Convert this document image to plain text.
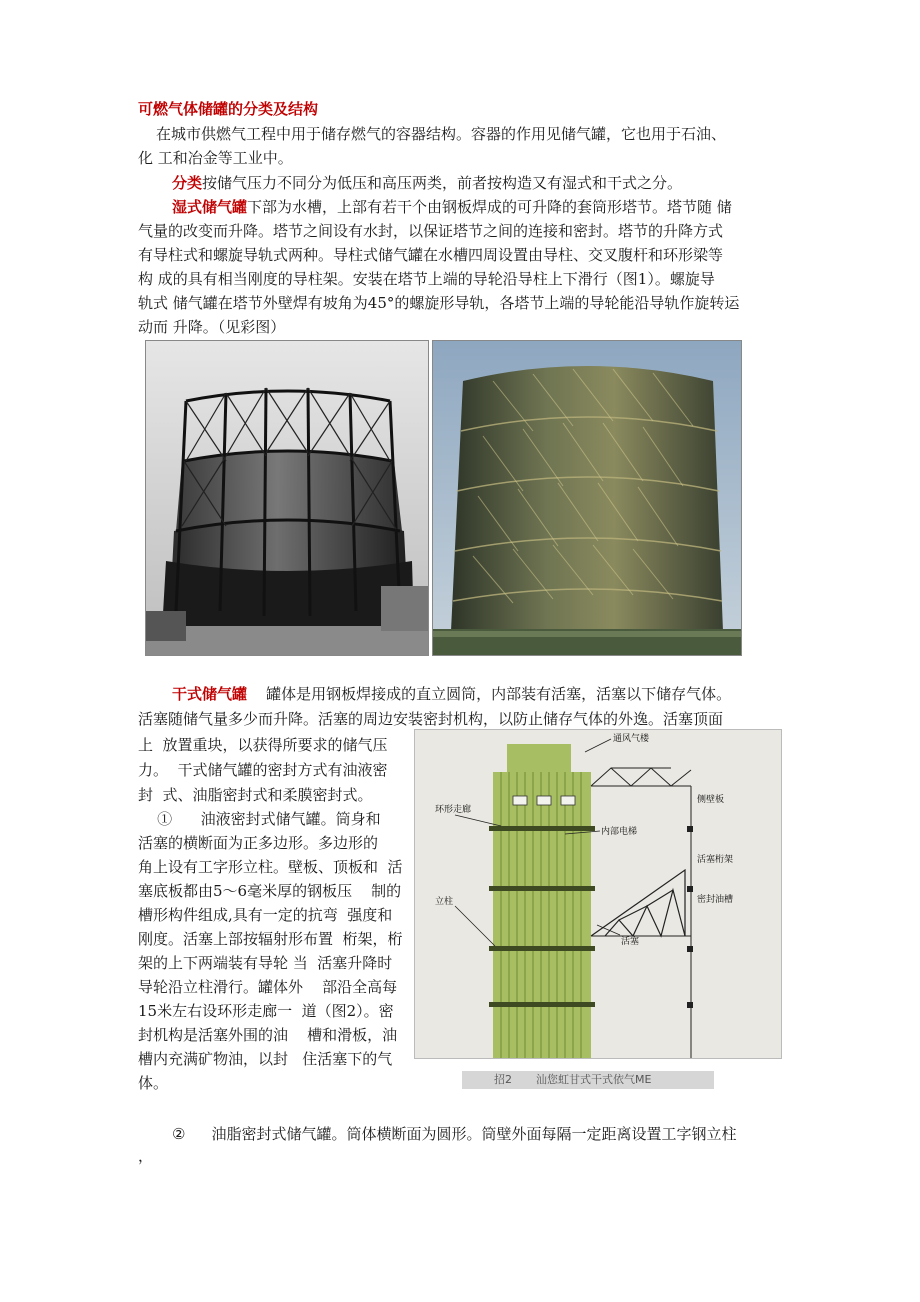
可燃气体储罐的分类及结构
在城市供燃气工程中用于储存燃气的容器结构。容器的作用见储气罐，它也用于石油、
化 工和冶金等工业中。
分类按储气压力不同分为低压和高压两类，前者按构造又有湿式和干式之分。
湿式储气罐下部为水槽，上部有若干个由钢板焊成的可升降的套筒形塔节。塔节随 储
气量的改变而升降。塔节之间设有水封，以保证塔节之间的连接和密封。塔节的升降方式
有导柱式和螺旋导轨式两种。导柱式储气罐在水槽四周设置由导柱、交叉腹杆和环形梁等
构 成的具有相当刚度的导柱架。安装在塔节上端的导轮沿导柱上下滑行（图1）。螺旋导
轨式 储气罐在塔节外壁焊有坡角为45°的螺旋形导轨，各塔节上端的导轮能沿导轨作旋转运
动而 升降。（见彩图）
干式储气罐    罐体是用钢板焊接成的直立圆筒，内部装有活塞，活塞以下储存气体。
活塞随储气量多少而升降。活塞的周边安装密封机构，以防止储存气体的外逸。活塞顶面
上  放置重块，以获得所要求的储气压
力。  干式储气罐的密封方式有油液密
封  式、油脂密封式和柔膜密封式。
①      油液密封式储气罐。筒身和
活塞的横断面为正多边形。多边形的
角上设有工字形立柱。壁板、顶板和  活
塞底板都由5～6毫米厚的钢板压    制的
槽形构件组成,具有一定的抗弯  强度和
刚度。活塞上部按辐射形布置  桁架，桁
架的上下两端装有导轮 当  活塞升降时
导轮沿立柱滑行。罐体外    部沿全高每
15米左右设环形走廊一  道（图2）。密
封机构是活塞外围的油    槽和滑板，油
槽内充满矿物油，以封   住活塞下的气
体。
通风气楼
环形走廊
内部电梯
侧壁板
活塞桁架
密封油槽
立柱
活塞
招2 汕您虹甘式干式依气ME
② 油脂密封式储气罐。筒体横断面为圆形。筒壁外面每隔一定距离设置工字钢立柱
，
